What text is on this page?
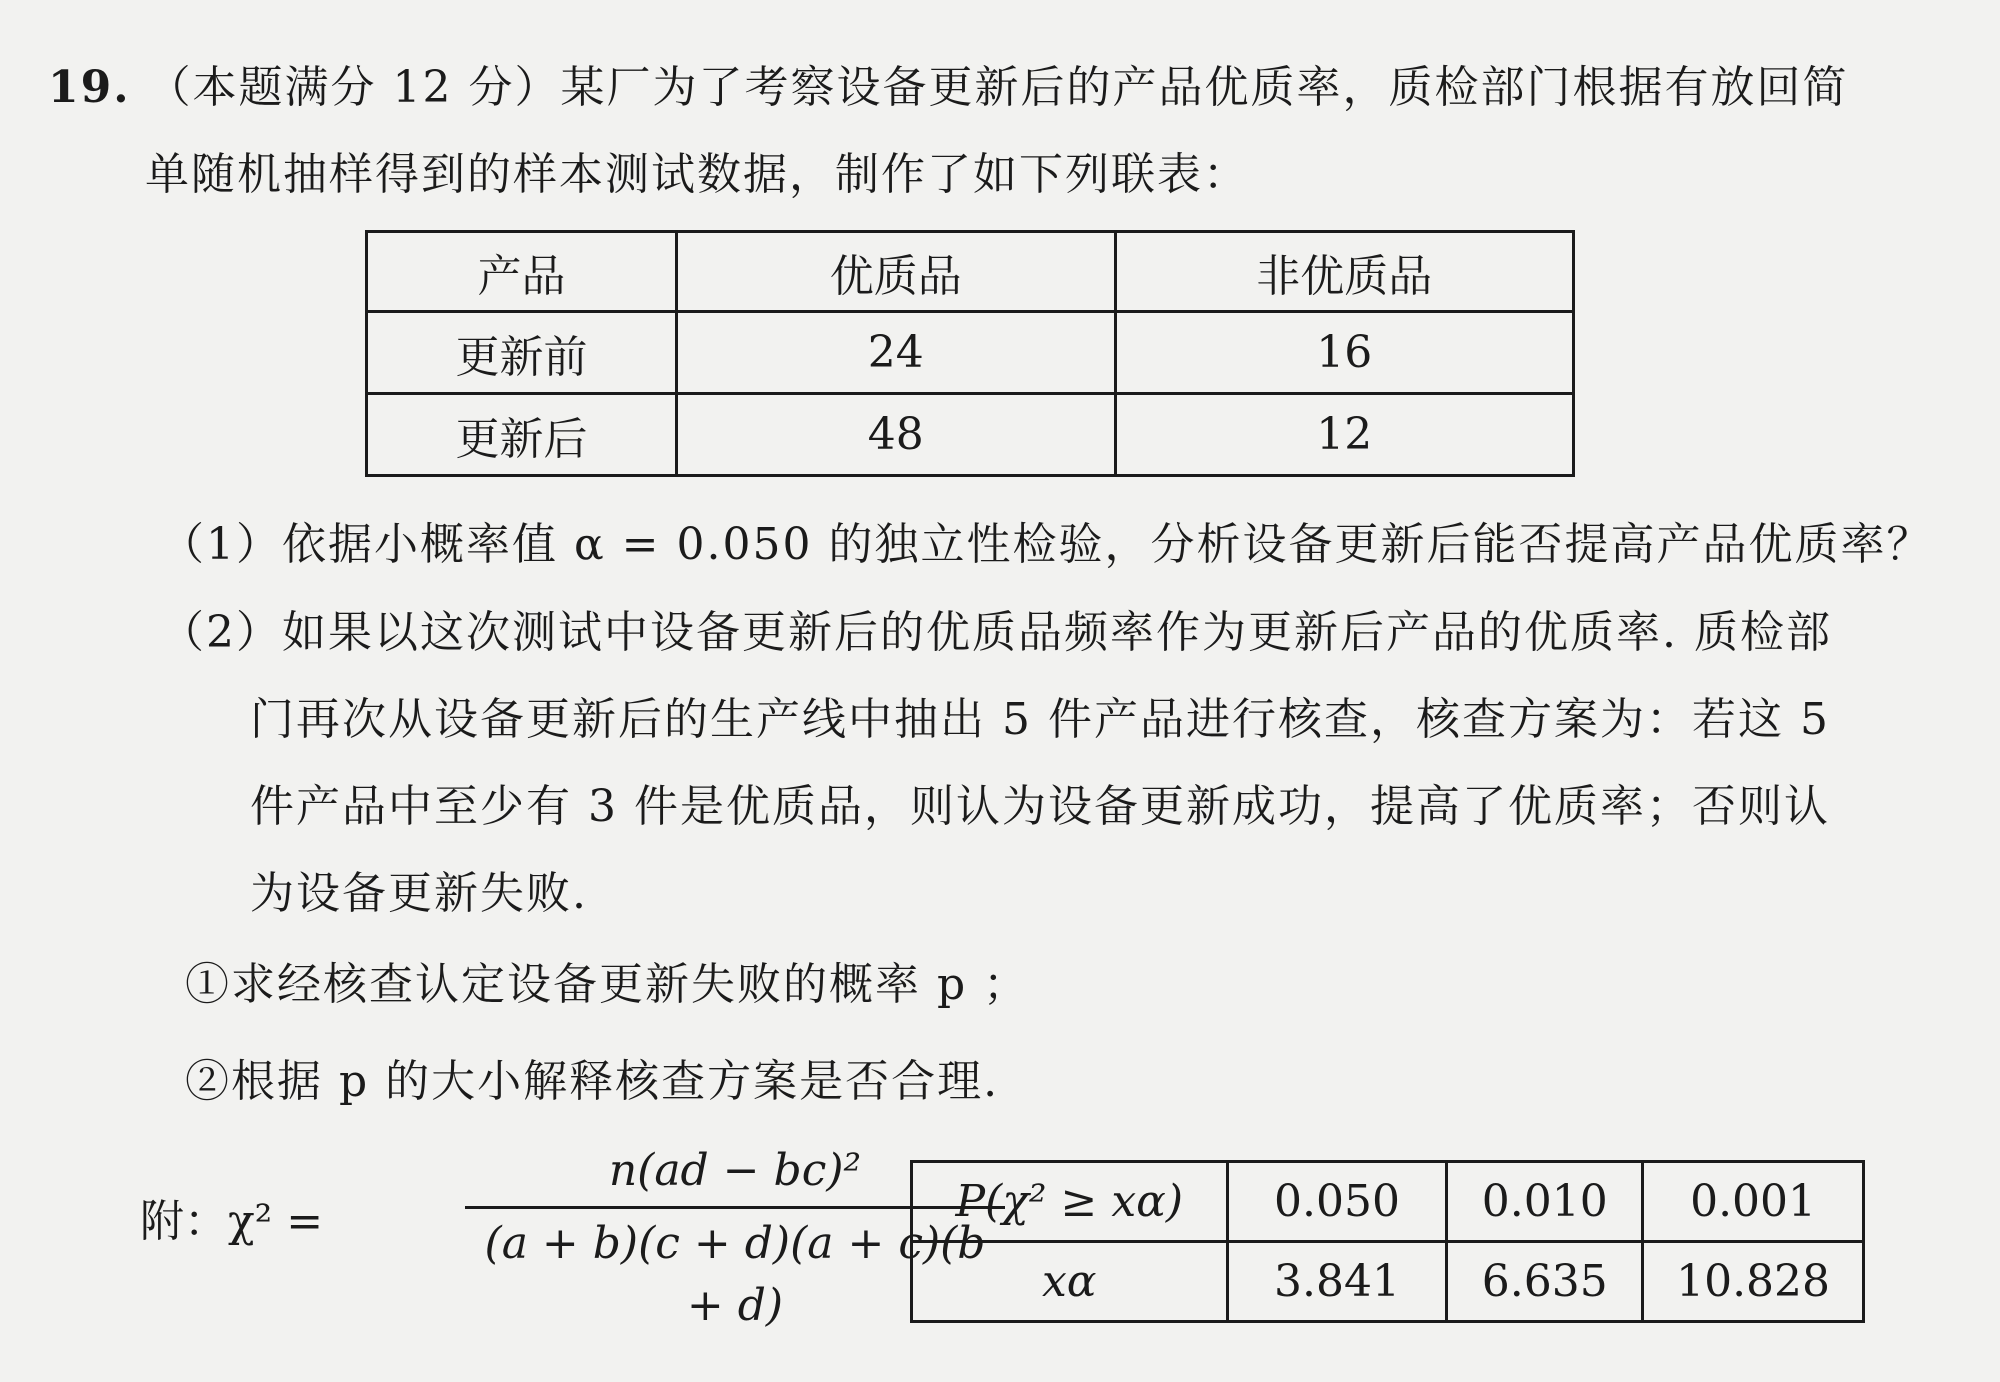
19. （本题满分 12 分）某厂为了考察设备更新后的产品优质率，质检部门根据有放回简
单随机抽样得到的样本测试数据，制作了如下列联表：
产品	优质品	非优质品
更新前	24	16
更新后	48	12
（1）依据小概率值 α = 0.050 的独立性检验，分析设备更新后能否提高产品优质率？
（2）如果以这次测试中设备更新后的优质品频率作为更新后产品的优质率. 质检部
门再次从设备更新后的生产线中抽出 5 件产品进行核查，核查方案为：若这 5
件产品中至少有 3 件是优质品，则认为设备更新成功，提高了优质率；否则认
为设备更新失败.
①求经核查认定设备更新失败的概率 p ；
②根据 p 的大小解释核查方案是否合理.
附：χ² =
n(ad − bc)²
(a + b)(c + d)(a + c)(b + d)
P(χ² ≥ xα)	0.050	0.010	0.001
xα	3.841	6.635	10.828
